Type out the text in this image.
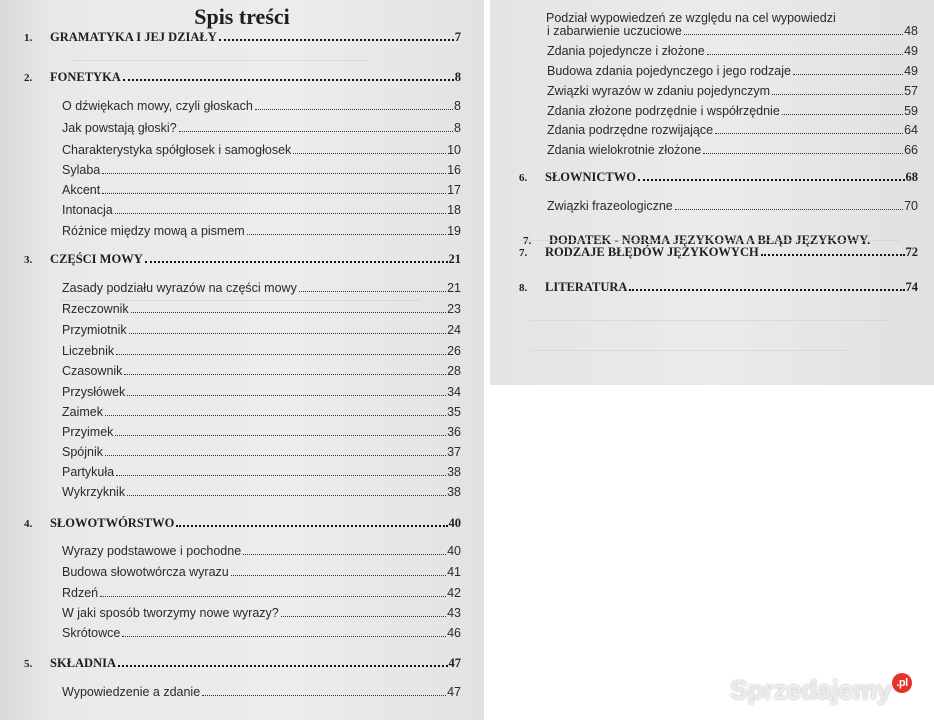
Spis treści
1.	GRAMATYKA I JEJ DZIAŁY	7
2.	FONETYKA	8
O dźwiękach mowy, czyli głoskach	8
Jak powstają głoski?	8
Charakterystyka spółgłosek i samogłosek	10
Sylaba	16
Akcent	17
Intonacja	18
Różnice między mową a pismem	19
3.	CZĘŚCI MOWY	21
Zasady podziału wyrazów na części mowy	21
Rzeczownik	23
Przymiotnik	24
Liczebnik	26
Czasownik	28
Przysłówek	34
Zaimek	35
Przyimek	36
Spójnik	37
Partykuła	38
Wykrzyknik	38
4.	SŁOWOTWÓRSTWO	40
Wyrazy podstawowe i pochodne	40
Budowa słowotwórcza wyrazu	41
Rdzeń	42
W jaki sposób tworzymy nowe wyrazy?	43
Skrótowce	46
5.	SKŁADNIA	47
Wypowiedzenie a zdanie	47
Podział wypowiedzeń ze względu na cel wypowiedzi
7. DODATEK - NORMA JĘZYKOWA A BŁĄD JĘZYKOWY.
i zabarwienie uczuciowe	48
Zdania pojedyncze i złożone	49
Budowa zdania pojedynczego i jego rodzaje	49
Związki wyrazów w zdaniu pojedynczym	57
Zdania złożone podrzędnie i współrzędnie	59
Zdania podrzędne rozwijające	64
Zdania wielokrotnie złożone	66
6.	SŁOWNICTWO	68
Związki frazeologiczne	70
7.	RODZAJE BŁĘDÓW JĘZYKOWYCH	72
8.	LITERATURA	74
Sprzedajemy .pl
